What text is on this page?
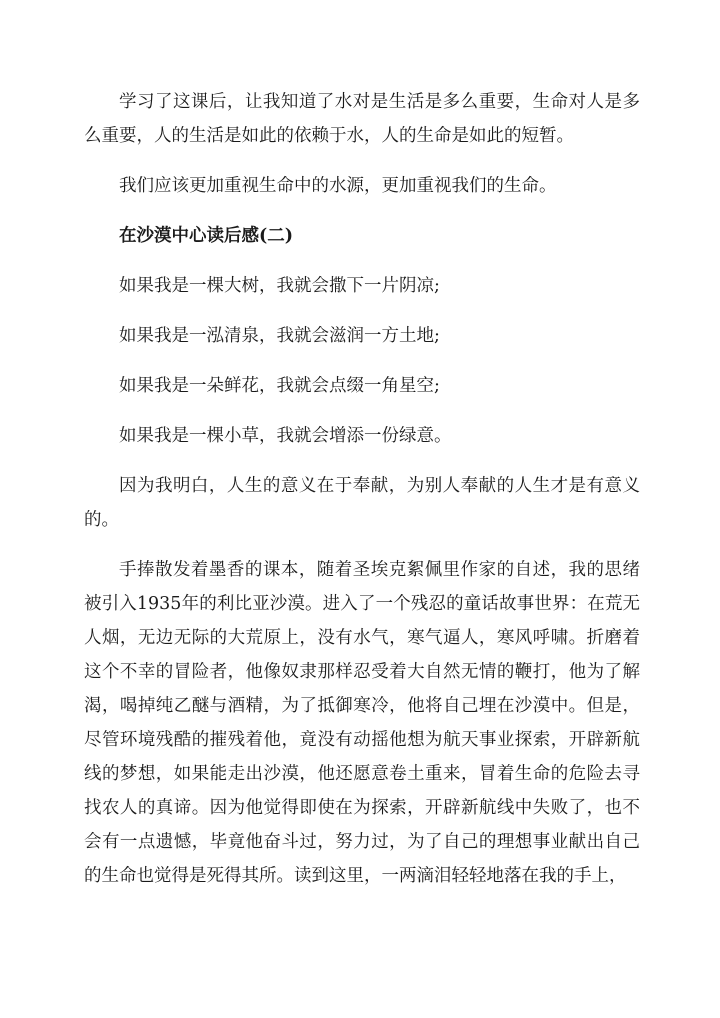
学习了这课后，让我知道了水对是生活是多么重要，生命对人是多么重要，人的生活是如此的依赖于水，人的生命是如此的短暂。

我们应该更加重视生命中的水源，更加重视我们的生命。

在沙漠中心读后感(二)

如果我是一棵大树，我就会撒下一片阴凉;

如果我是一泓清泉，我就会滋润一方土地;

如果我是一朵鲜花，我就会点缀一角星空;

如果我是一棵小草，我就会增添一份绿意。

因为我明白，人生的意义在于奉献，为别人奉献的人生才是有意义的。

手捧散发着墨香的课本，随着圣埃克絮佩里作家的自述，我的思绪被引入1935年的利比亚沙漠。进入了一个残忍的童话故事世界：在荒无人烟，无边无际的大荒原上，没有水气，寒气逼人，寒风呼啸。折磨着这个不幸的冒险者，他像奴隶那样忍受着大自然无情的鞭打，他为了解渴，喝掉纯乙醚与酒精，为了抵御寒冷，他将自己埋在沙漠中。但是，尽管环境残酷的摧残着他，竟没有动摇他想为航天事业探索，开辟新航线的梦想，如果能走出沙漠，他还愿意卷土重来，冒着生命的危险去寻找农人的真谛。因为他觉得即使在为探索，开辟新航线中失败了，也不会有一点遗憾，毕竟他奋斗过，努力过，为了自己的理想事业献出自己的生命也觉得是死得其所。读到这里，一两滴泪轻轻地落在我的手上，
